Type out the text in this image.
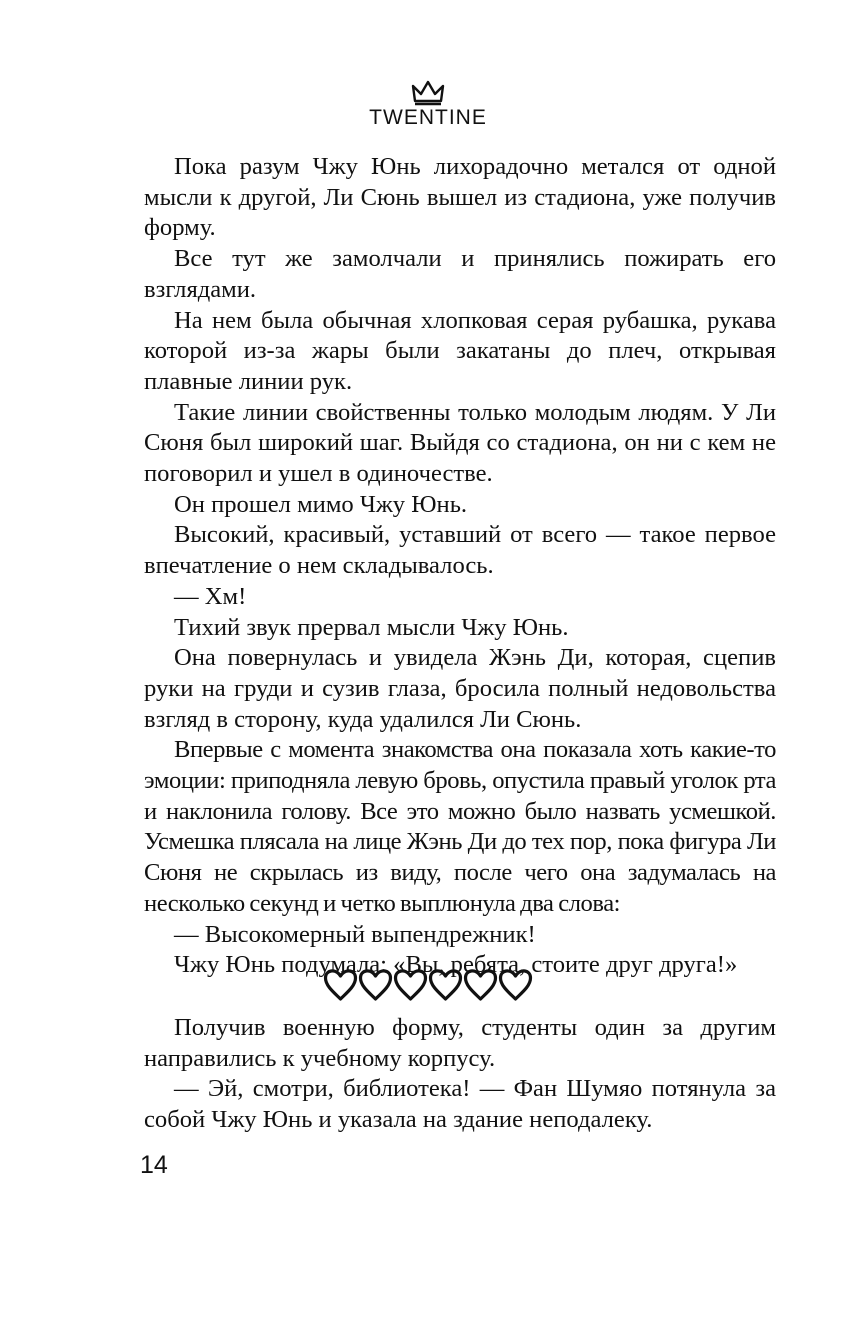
TWENTINE

Пока разум Чжу Юнь лихорадочно метался от одной мысли к другой, Ли Сюнь вышел из стадиона, уже получив форму.

Все тут же замолчали и принялись пожирать его взглядами.

На нем была обычная хлопковая серая рубашка, рукава которой из-за жары были закатаны до плеч, открывая плавные линии рук.

Такие линии свойственны только молодым людям. У Ли Сюня был широкий шаг. Выйдя со стадиона, он ни с кем не поговорил и ушел в одиночестве.

Он прошел мимо Чжу Юнь.

Высокий, красивый, уставший от всего — такое первое впечатление о нем складывалось.

— Хм!

Тихий звук прервал мысли Чжу Юнь.

Она повернулась и увидела Жэнь Ди, которая, сцепив руки на груди и сузив глаза, бросила полный недовольства взгляд в сторону, куда удалился Ли Сюнь.

Впервые с момента знакомства она показала хоть какие-то эмоции: приподняла левую бровь, опустила правый уголок рта и наклонила голову. Все это можно было назвать усмешкой. Усмешка плясала на лице Жэнь Ди до тех пор, пока фигура Ли Сюня не скрылась из виду, после чего она задумалась на несколько секунд и четко выплюнула два слова:

— Высокомерный выпендрежник!

Чжу Юнь подумала: «Вы, ребята, стоите друг друга!»

Получив военную форму, студенты один за другим направились к учебному корпусу.

— Эй, смотри, библиотека! — Фан Шумяо потянула за собой Чжу Юнь и указала на здание неподалеку.

14
